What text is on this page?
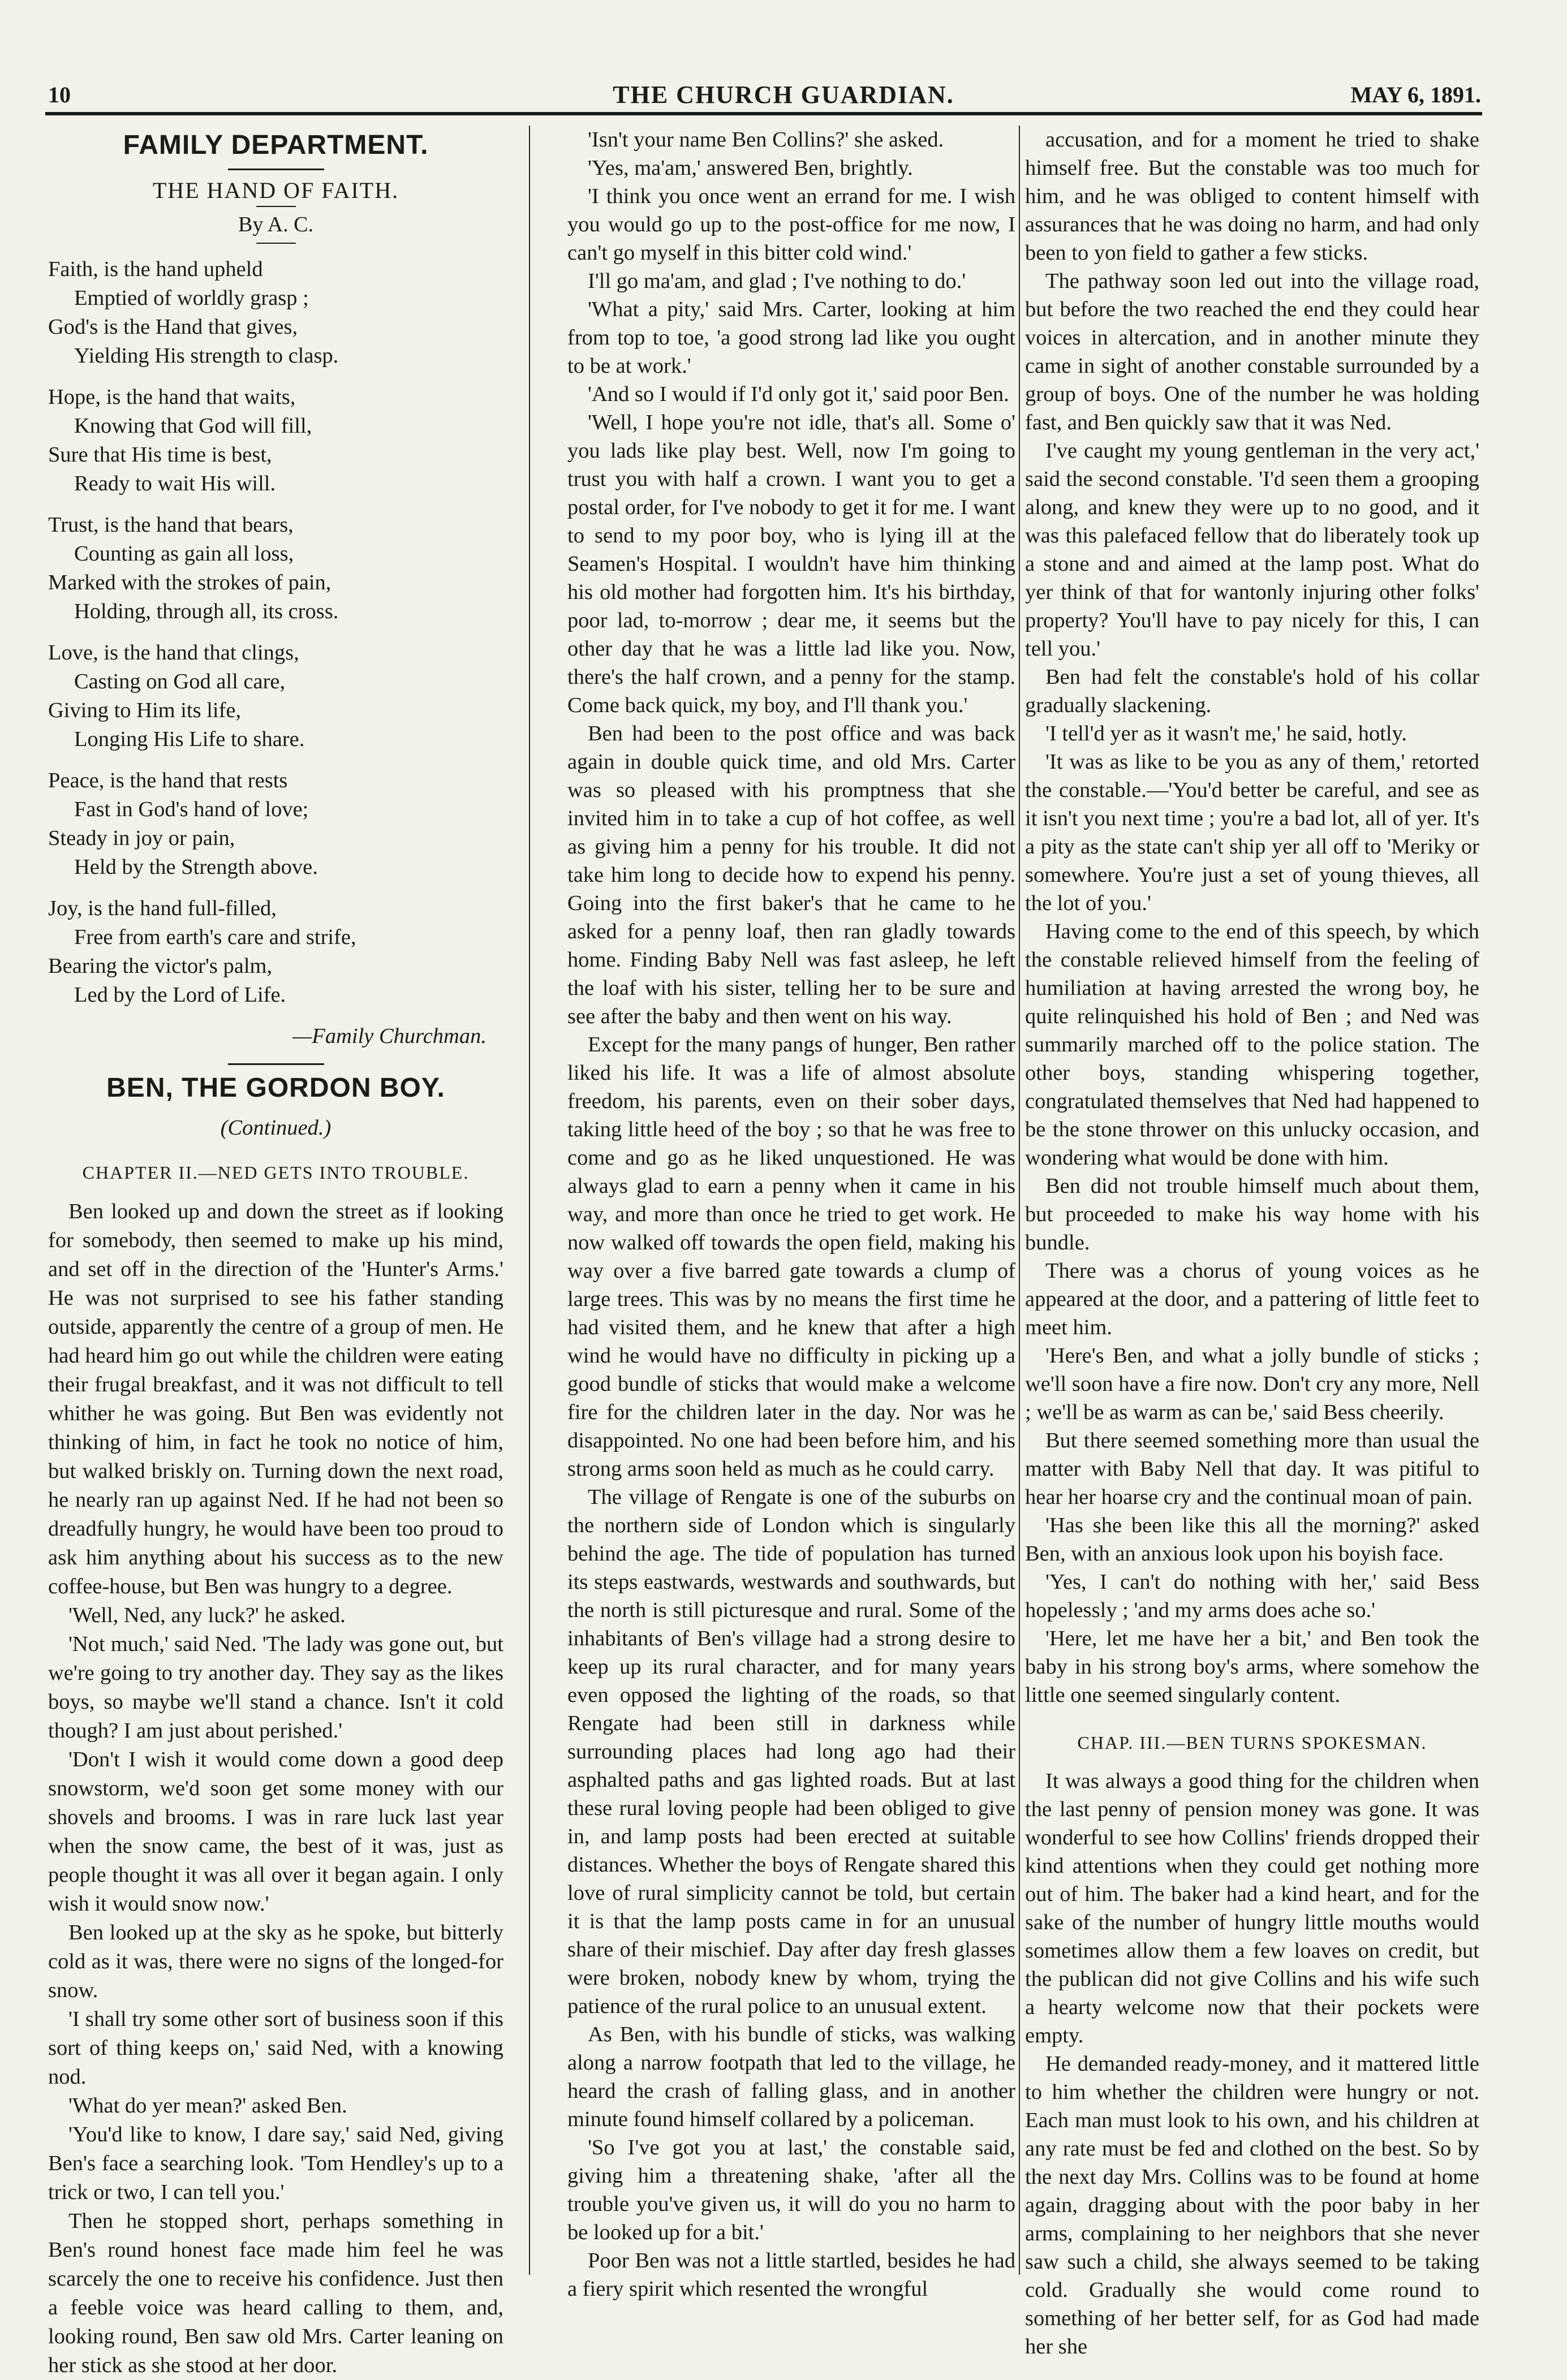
10	THE CHURCH GUARDIAN.	MAY 6, 1891.
FAMILY DEPARTMENT.
THE HAND OF FAITH.
By A. C.
Faith, is the hand upheld
Emptied of worldly grasp ;
God's is the Hand that gives,
Yielding His strength to clasp.
Hope, is the hand that waits,
Knowing that God will fill,
Sure that His time is best,
Ready to wait His will.
Trust, is the hand that bears,
Counting as gain all loss,
Marked with the strokes of pain,
Holding, through all, its cross.
Love, is the hand that clings,
Casting on God all care,
Giving to Him its life,
Longing His Life to share.
Peace, is the hand that rests
Fast in God's hand of love;
Steady in joy or pain,
Held by the Strength above.
Joy, is the hand full-filled,
Free from earth's care and strife,
Bearing the victor's palm,
Led by the Lord of Life.
—Family Churchman.
BEN, THE GORDON BOY.
(Continued.)
CHAPTER II.—NED GETS INTO TROUBLE.

Ben looked up and down the street as if looking for somebody, then seemed to make up his mind, and set off in the direction of the 'Hunter's Arms.' He was not surprised to see his father standing outside, apparently the centre of a group of men. He had heard him go out while the children were eating their frugal breakfast, and it was not difficult to tell whither he was going. But Ben was evidently not thinking of him, in fact he took no notice of him, but walked briskly on. Turning down the next road, he nearly ran up against Ned. If he had not been so dreadfully hungry, he would have been too proud to ask him anything about his success as to the new coffee-house, but Ben was hungry to a degree.

'Well, Ned, any luck?' he asked.

'Not much,' said Ned. 'The lady was gone out, but we're going to try another day. They say as the likes boys, so maybe we'll stand a chance. Isn't it cold though? I am just about perished.'

'Don't I wish it would come down a good deep snowstorm, we'd soon get some money with our shovels and brooms. I was in rare luck last year when the snow came, the best of it was, just as people thought it was all over it began again. I only wish it would snow now.'

Ben looked up at the sky as he spoke, but bitterly cold as it was, there were no signs of the longed-for snow.

'I shall try some other sort of business soon if this sort of thing keeps on,' said Ned, with a knowing nod.

'What do yer mean?' asked Ben.

'You'd like to know, I dare say,' said Ned, giving Ben's face a searching look. 'Tom Hendley's up to a trick or two, I can tell you.'

Then he stopped short, perhaps something in Ben's round honest face made him feel he was scarcely the one to receive his confidence. Just then a feeble voice was heard calling to them, and, looking round, Ben saw old Mrs. Carter leaning on her stick as she stood at her door.

'Isn't your name Ben Collins?' she asked.

'Yes, ma'am,' answered Ben, brightly.

'I think you once went an errand for me. I wish you would go up to the post-office for me now, I can't go myself in this bitter cold wind.'

I'll go ma'am, and glad ; I've nothing to do.'

'What a pity,' said Mrs. Carter, looking at him from top to toe, 'a good strong lad like you ought to be at work.'

'And so I would if I'd only got it,' said poor Ben.

'Well, I hope you're not idle, that's all. Some o' you lads like play best. Well, now I'm going to trust you with half a crown. I want you to get a postal order, for I've nobody to get it for me. I want to send to my poor boy, who is lying ill at the Seamen's Hospital. I wouldn't have him thinking his old mother had forgotten him. It's his birthday, poor lad, to-morrow ; dear me, it seems but the other day that he was a little lad like you. Now, there's the half crown, and a penny for the stamp. Come back quick, my boy, and I'll thank you.'

Ben had been to the post office and was back again in double quick time, and old Mrs. Carter was so pleased with his promptness that she invited him in to take a cup of hot coffee, as well as giving him a penny for his trouble. It did not take him long to decide how to expend his penny. Going into the first baker's that he came to he asked for a penny loaf, then ran gladly towards home. Finding Baby Nell was fast asleep, he left the loaf with his sister, telling her to be sure and see after the baby and then went on his way.

Except for the many pangs of hunger, Ben rather liked his life. It was a life of almost absolute freedom, his parents, even on their sober days, taking little heed of the boy ; so that he was free to come and go as he liked unquestioned. He was always glad to earn a penny when it came in his way, and more than once he tried to get work. He now walked off towards the open field, making his way over a five barred gate towards a clump of large trees. This was by no means the first time he had visited them, and he knew that after a high wind he would have no difficulty in picking up a good bundle of sticks that would make a welcome fire for the children later in the day. Nor was he disappointed. No one had been before him, and his strong arms soon held as much as he could carry.

The village of Rengate is one of the suburbs on the northern side of London which is singularly behind the age. The tide of population has turned its steps eastwards, westwards and southwards, but the north is still picturesque and rural. Some of the inhabitants of Ben's village had a strong desire to keep up its rural character, and for many years even opposed the lighting of the roads, so that Rengate had been still in darkness while surrounding places had long ago had their asphalted paths and gas lighted roads. But at last these rural loving people had been obliged to give in, and lamp posts had been erected at suitable distances. Whether the boys of Rengate shared this love of rural simplicity cannot be told, but certain it is that the lamp posts came in for an unusual share of their mischief. Day after day fresh glasses were broken, nobody knew by whom, trying the patience of the rural police to an unusual extent.

As Ben, with his bundle of sticks, was walking along a narrow footpath that led to the village, he heard the crash of falling glass, and in another minute found himself collared by a policeman.

'So I've got you at last,' the constable said, giving him a threatening shake, 'after all the trouble you've given us, it will do you no harm to be looked up for a bit.'

Poor Ben was not a little startled, besides he had a fiery spirit which resented the wrongful

accusation, and for a moment he tried to shake himself free. But the constable was too much for him, and he was obliged to content himself with assurances that he was doing no harm, and had only been to yon field to gather a few sticks.

The pathway soon led out into the village road, but before the two reached the end they could hear voices in altercation, and in another minute they came in sight of another constable surrounded by a group of boys. One of the number he was holding fast, and Ben quickly saw that it was Ned.

I've caught my young gentleman in the very act,' said the second constable. 'I'd seen them a grooping along, and knew they were up to no good, and it was this palefaced fellow that do liberately took up a stone and and aimed at the lamp post. What do yer think of that for wantonly injuring other folks' property? You'll have to pay nicely for this, I can tell you.'

Ben had felt the constable's hold of his collar gradually slackening.

'I tell'd yer as it wasn't me,' he said, hotly.

'It was as like to be you as any of them,' retorted the constable.—'You'd better be careful, and see as it isn't you next time ; you're a bad lot, all of yer. It's a pity as the state can't ship yer all off to 'Meriky or somewhere. You're just a set of young thieves, all the lot of you.'

Having come to the end of this speech, by which the constable relieved himself from the feeling of humiliation at having arrested the wrong boy, he quite relinquished his hold of Ben ; and Ned was summarily marched off to the police station. The other boys, standing whispering together, congratulated themselves that Ned had happened to be the stone thrower on this unlucky occasion, and wondering what would be done with him.

Ben did not trouble himself much about them, but proceeded to make his way home with his bundle.

There was a chorus of young voices as he appeared at the door, and a pattering of little feet to meet him.

'Here's Ben, and what a jolly bundle of sticks ; we'll soon have a fire now. Don't cry any more, Nell ; we'll be as warm as can be,' said Bess cheerily.

But there seemed something more than usual the matter with Baby Nell that day. It was pitiful to hear her hoarse cry and the continual moan of pain.

'Has she been like this all the morning?' asked Ben, with an anxious look upon his boyish face.

'Yes, I can't do nothing with her,' said Bess hopelessly ; 'and my arms does ache so.'

'Here, let me have her a bit,' and Ben took the baby in his strong boy's arms, where somehow the little one seemed singularly content.

CHAP. III.—BEN TURNS SPOKESMAN.

It was always a good thing for the children when the last penny of pension money was gone. It was wonderful to see how Collins' friends dropped their kind attentions when they could get nothing more out of him. The baker had a kind heart, and for the sake of the number of hungry little mouths would sometimes allow them a few loaves on credit, but the publican did not give Collins and his wife such a hearty welcome now that their pockets were empty.

He demanded ready-money, and it mattered little to him whether the children were hungry or not. Each man must look to his own, and his children at any rate must be fed and clothed on the best. So by the next day Mrs. Collins was to be found at home again, dragging about with the poor baby in her arms, complaining to her neighbors that she never saw such a child, she always seemed to be taking cold. Gradually she would come round to something of her better self, for as God had made her she
